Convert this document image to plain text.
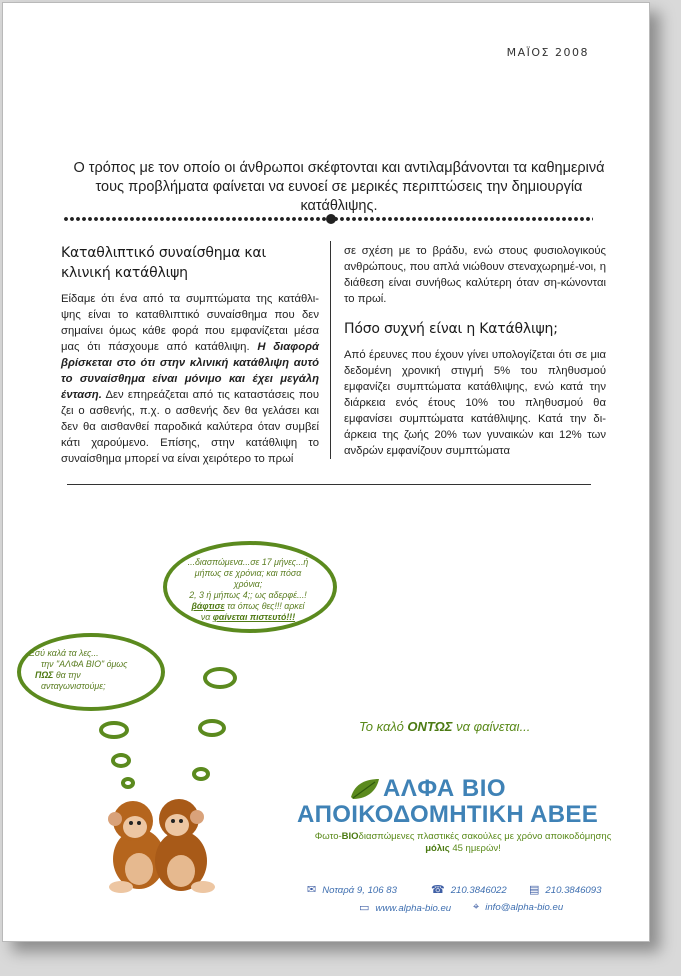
ΜΑΪΟΣ 2008
Ο τρόπος με τον οποίο οι άνθρωποι σκέφτονται και αντιλαμβάνονται τα καθημερινά τους προβλήματα φαίνεται να ευνοεί σε μερικές περιπτώσεις την δημιουργία κατάθλιψης.
Καταθλιπτικό συναίσθημα και κλινική κατάθλιψη

Είδαμε ότι ένα από τα συμπτώματα της κατάθλι-ψης είναι το καταθλιπτικό συναίσθημα που δεν σημαίνει όμως κάθε φορά που εμφανίζεται μέσα μας ότι πάσχουμε από κατάθλιψη. Η διαφορά βρίσκεται στο ότι στην κλινική κατάθλιψη αυτό το συναίσθημα είναι μόνιμο και έχει μεγάλη ένταση. Δεν επηρεάζεται από τις καταστάσεις που ζει ο ασθενής, π.χ. ο ασθενής δεν θα γελάσει και δεν θα αισθανθεί παροδικά καλύτερα όταν συμβεί κάτι χαρούμενο. Επίσης, στην κατάθλιψη το συναίσθημα μπορεί να είναι χειρότερο το πρωί

σε σχέση με το βράδυ, ενώ στους φυσιολογικούς ανθρώπους, που απλά νιώθουν στεναχωρημέ-νοι, η διάθεση είναι συνήθως καλύτερη όταν ση-κώνονται το πρωί.

Πόσο συχνή είναι η Κατάθλιψη;

Από έρευνες που έχουν γίνει υπολογίζεται ότι σε μια δεδομένη χρονική στιγμή 5% του πληθυσμού εμφανίζει συμπτώματα κατάθλιψης, ενώ κατά την διάρκεια ενός έτους 10% του πληθυσμού θα εμφανίσει συμπτώματα κατάθλιψης. Κατά την δι-άρκεια της ζωής 20% των γυναικών και 12% των ανδρών εμφανίζουν συμπτώματα

...διασπώμενα...σε 17 μήνες...ή
μήπως σε χρόνια; και πόσα χρόνια;
2, 3 ή μήπως 4;; ως αδερφέ...!
βάφτισε τα όπως θες!!! αρκεί
να φαίνεται πιστευτό!!!
Εσύ καλά τα λες...
την "ΑΛΦΑ ΒΙΟ" όμως
ΠΩΣ θα την
ανταγωνιστούμε;
Το καλό ΟΝΤΩΣ να φαίνεται...
ΑΛΦΑ ΒΙΟ
ΑΠΟΙΚΟΔΟΜΗΤΙΚΗ ΑΒΕΕ
Φωτο-ΒΙΟδιασπώμενες πλαστικές σακούλες με χρόνο αποικοδόμησης
μόλις 45 ημερών!
✉ Νοταρά 9, 106 83	☎ 210.3846022 ▤ 210.3846093
▭ www.alpha-bio.eu ⌖ info@alpha-bio.eu
